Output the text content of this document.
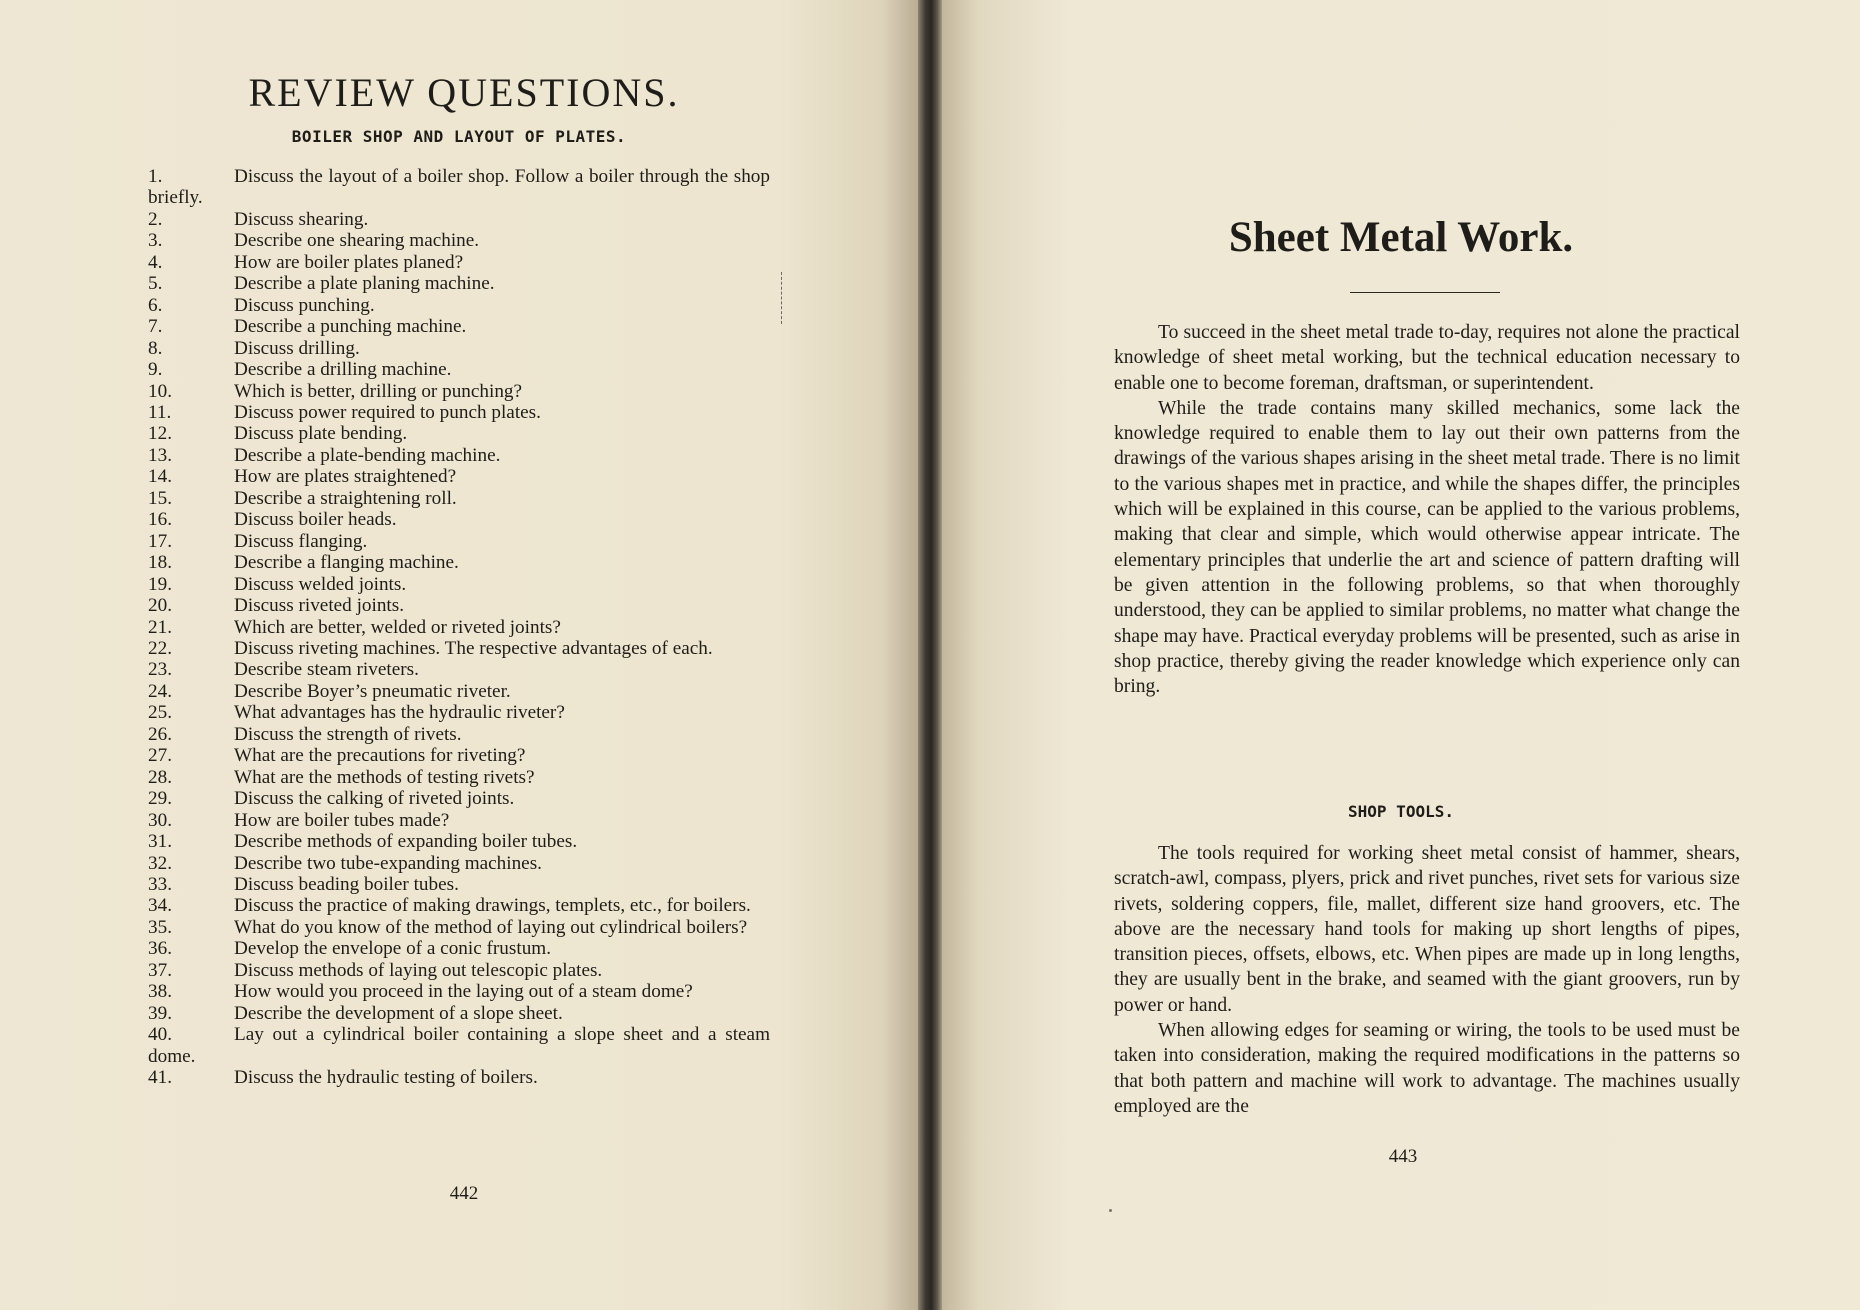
REVIEW QUESTIONS.
BOILER SHOP AND LAYOUT OF PLATES.
1.	Discuss the layout of a boiler shop. Follow a boiler through the shop briefly.
2.	Discuss shearing.
3.	Describe one shearing machine.
4.	How are boiler plates planed?
5.	Describe a plate planing machine.
6.	Discuss punching.
7.	Describe a punching machine.
8.	Discuss drilling.
9.	Describe a drilling machine.
10.	Which is better, drilling or punching?
11.	Discuss power required to punch plates.
12.	Discuss plate bending.
13.	Describe a plate-bending machine.
14.	How are plates straightened?
15.	Describe a straightening roll.
16.	Discuss boiler heads.
17.	Discuss flanging.
18.	Describe a flanging machine.
19.	Discuss welded joints.
20.	Discuss riveted joints.
21.	Which are better, welded or riveted joints?
22.	Discuss riveting machines. The respective advantages of each.
23.	Describe steam riveters.
24.	Describe Boyer’s pneumatic riveter.
25.	What advantages has the hydraulic riveter?
26.	Discuss the strength of rivets.
27.	What are the precautions for riveting?
28.	What are the methods of testing rivets?
29.	Discuss the calking of riveted joints.
30.	How are boiler tubes made?
31.	Describe methods of expanding boiler tubes.
32.	Describe two tube-expanding machines.
33.	Discuss beading boiler tubes.
34.	Discuss the practice of making drawings, templets, etc., for boilers.
35.	What do you know of the method of laying out cylindrical boilers?
36.	Develop the envelope of a conic frustum.
37.	Discuss methods of laying out telescopic plates.
38.	How would you proceed in the laying out of a steam dome?
39.	Describe the development of a slope sheet.
40.	Lay out a cylindrical boiler containing a slope sheet and a steam dome.
41.	Discuss the hydraulic testing of boilers.
442
Sheet Metal Work.

To succeed in the sheet metal trade to-day, requires not alone the practical knowledge of sheet metal working, but the technical education necessary to enable one to become foreman, draftsman, or superintendent.

While the trade contains many skilled mechanics, some lack the knowledge required to enable them to lay out their own patterns from the drawings of the various shapes arising in the sheet metal trade. There is no limit to the various shapes met in practice, and while the shapes differ, the principles which will be explained in this course, can be applied to the various problems, making that clear and simple, which would otherwise appear intricate. The elementary principles that underlie the art and science of pattern drafting will be given attention in the following problems, so that when thoroughly understood, they can be applied to similar problems, no matter what change the shape may have. Practical everyday problems will be presented, such as arise in shop practice, thereby giving the reader knowledge which experience only can bring.

SHOP TOOLS.

The tools required for working sheet metal consist of hammer, shears, scratch-awl, compass, plyers, prick and rivet punches, rivet sets for various size rivets, soldering coppers, file, mallet, different size hand groovers, etc. The above are the necessary hand tools for making up short lengths of pipes, transition pieces, offsets, elbows, etc. When pipes are made up in long lengths, they are usually bent in the brake, and seamed with the giant groovers, run by power or hand.

When allowing edges for seaming or wiring, the tools to be used must be taken into consideration, making the required modifications in the patterns so that both pattern and machine will work to advantage. The machines usually employed are the

443
